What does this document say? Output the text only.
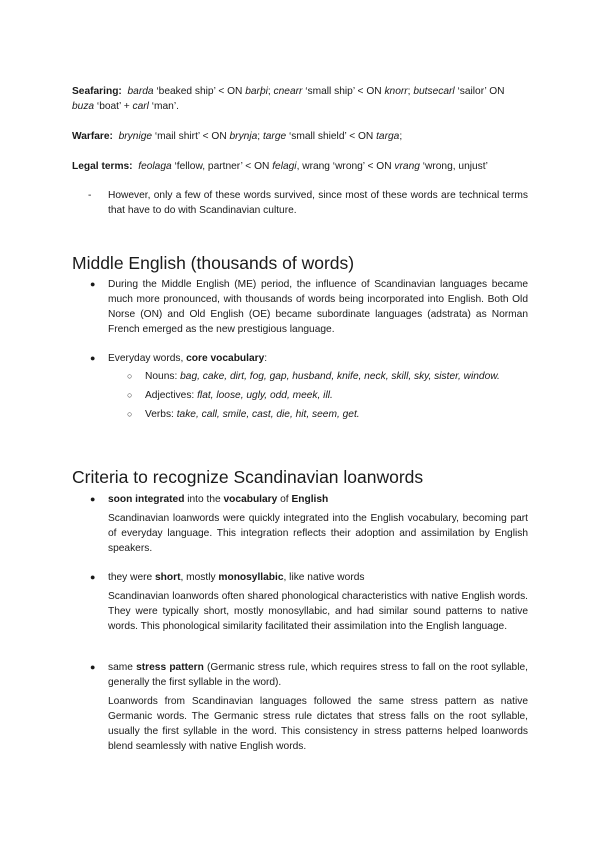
Seafaring: barda ‘beaked ship’ < ON barþi; cnearr ‘small ship’ < ON knorr; butsecarl ‘sailor’ ON buza ‘boat’ + carl ‘man’.

Warfare: brynige ‘mail shirt’ < ON brynja; targe ‘small shield’ < ON targa;

Legal terms: feolaga ‘fellow, partner’ < ON felagi, wrang ‘wrong’ < ON vrang ‘wrong, unjust’

- However, only a few of these words survived, since most of these words are technical terms that have to do with Scandinavian culture.
Middle English (thousands of words)
● During the Middle English (ME) period, the influence of Scandinavian languages became much more pronounced, with thousands of words being incorporated into English. Both Old Norse (ON) and Old English (OE) became subordinate languages (adstrata) as Norman French emerged as the new prestigious language.
● Everyday words, core vocabulary:
○ Nouns: bag, cake, dirt, fog, gap, husband, knife, neck, skill, sky, sister, window.
○ Adjectives: flat, loose, ugly, odd, meek, ill.
○ Verbs: take, call, smile, cast, die, hit, seem, get.
Criteria to recognize Scandinavian loanwords
● soon integrated into the vocabulary of English
Scandinavian loanwords were quickly integrated into the English vocabulary, becoming part of everyday language. This integration reflects their adoption and assimilation by English speakers.
● they were short, mostly monosyllabic, like native words
Scandinavian loanwords often shared phonological characteristics with native English words. They were typically short, mostly monosyllabic, and had similar sound patterns to native words. This phonological similarity facilitated their assimilation into the English language.
● same stress pattern (Germanic stress rule, which requires stress to fall on the root syllable, generally the first syllable in the word).
Loanwords from Scandinavian languages followed the same stress pattern as native Germanic words. The Germanic stress rule dictates that stress falls on the root syllable, usually the first syllable in the word. This consistency in stress patterns helped loanwords blend seamlessly with native English words.
